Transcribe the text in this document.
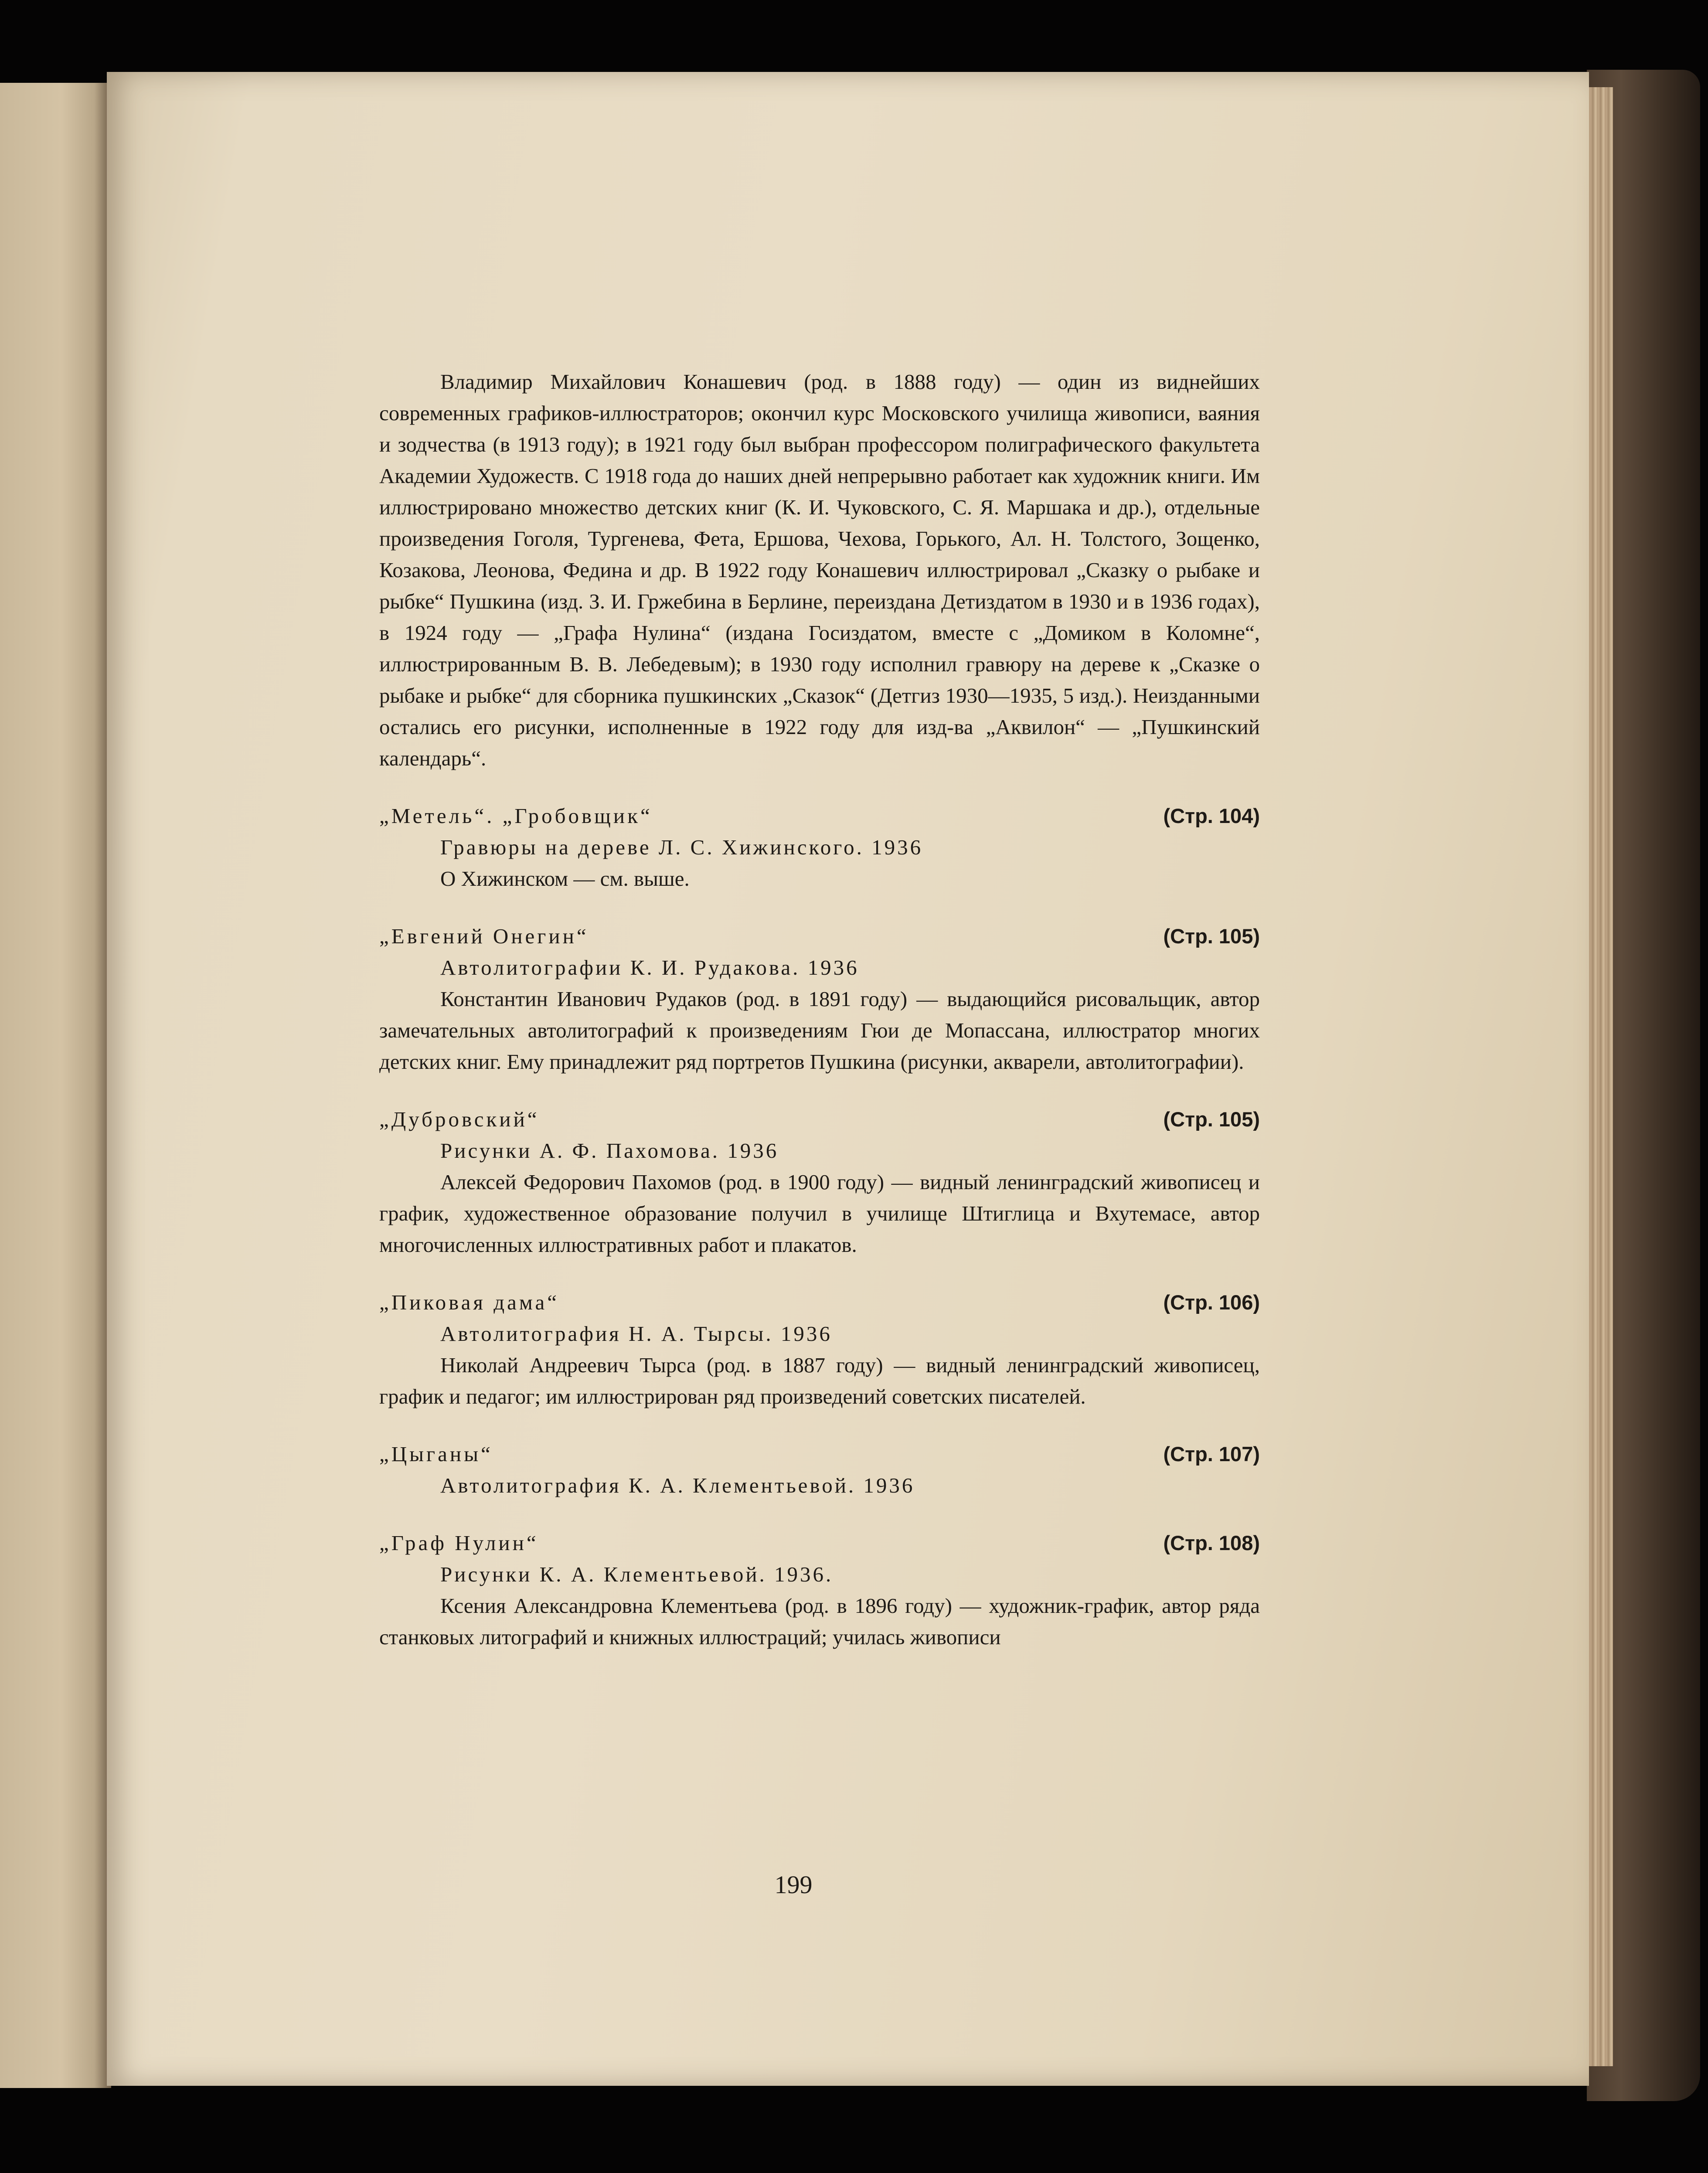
Владимир Михайлович Конашевич (род. в 1888 году) — один из виднейших современных графиков-иллюстраторов; окончил курс Московского училища живописи, ваяния и зодчества (в 1913 году); в 1921 году был выбран профессором полиграфического факультета Академии Художеств. С 1918 года до наших дней непрерывно работает как художник книги. Им иллюстрировано множество детских книг (К. И. Чуковского, С. Я. Маршака и др.), отдельные произведения Гоголя, Тургенева, Фета, Ершова, Чехова, Горького, Ал. Н. Толстого, Зощенко, Козакова, Леонова, Федина и др. В 1922 году Конашевич иллюстрировал „Сказку о рыбаке и рыбке“ Пушкина (изд. З. И. Гржебина в Берлине, переиздана Детиздатом в 1930 и в 1936 годах), в 1924 году — „Графа Нулина“ (издана Госиздатом, вместе с „Домиком в Коломне“, иллюстрированным В. В. Лебедевым); в 1930 году исполнил гравюру на дереве к „Сказке о рыбаке и рыбке“ для сборника пушкинских „Сказок“ (Детгиз 1930—1935, 5 изд.). Неизданными остались его рисунки, исполненные в 1922 году для изд-ва „Аквилон“ — „Пушкинский календарь“.

„Метель“. „Гробовщик“	(Стр. 104)
Гравюры на дереве Л. С. Хижинского. 1936
О Хижинском — см. выше.
„Евгений Онегин“	(Стр. 105)
Автолитографии К. И. Рудакова. 1936

Константин Иванович Рудаков (род. в 1891 году) — выдающийся рисовальщик, автор замечательных автолитографий к произведениям Гюи де Мопассана, иллюстратор многих детских книг. Ему принадлежит ряд портретов Пушкина (рисунки, акварели, автолитографии).

„Дубровский“	(Стр. 105)
Рисунки А. Ф. Пахомова. 1936

Алексей Федорович Пахомов (род. в 1900 году) — видный ленинградский живописец и график, художественное образование получил в училище Штиглица и Вхутемасе, автор многочисленных иллюстративных работ и плакатов.

„Пиковая дама“	(Стр. 106)
Автолитография Н. А. Тырсы. 1936

Николай Андреевич Тырса (род. в 1887 году) — видный ленинградский живописец, график и педагог; им иллюстрирован ряд произведений советских писателей.

„Цыганы“	(Стр. 107)
Автолитография К. А. Клементьевой. 1936
„Граф Нулин“	(Стр. 108)
Рисунки К. А. Клементьевой. 1936.

Ксения Александровна Клементьева (род. в 1896 году) — художник-график, автор ряда станковых литографий и книжных иллюстраций; училась живописи

199
